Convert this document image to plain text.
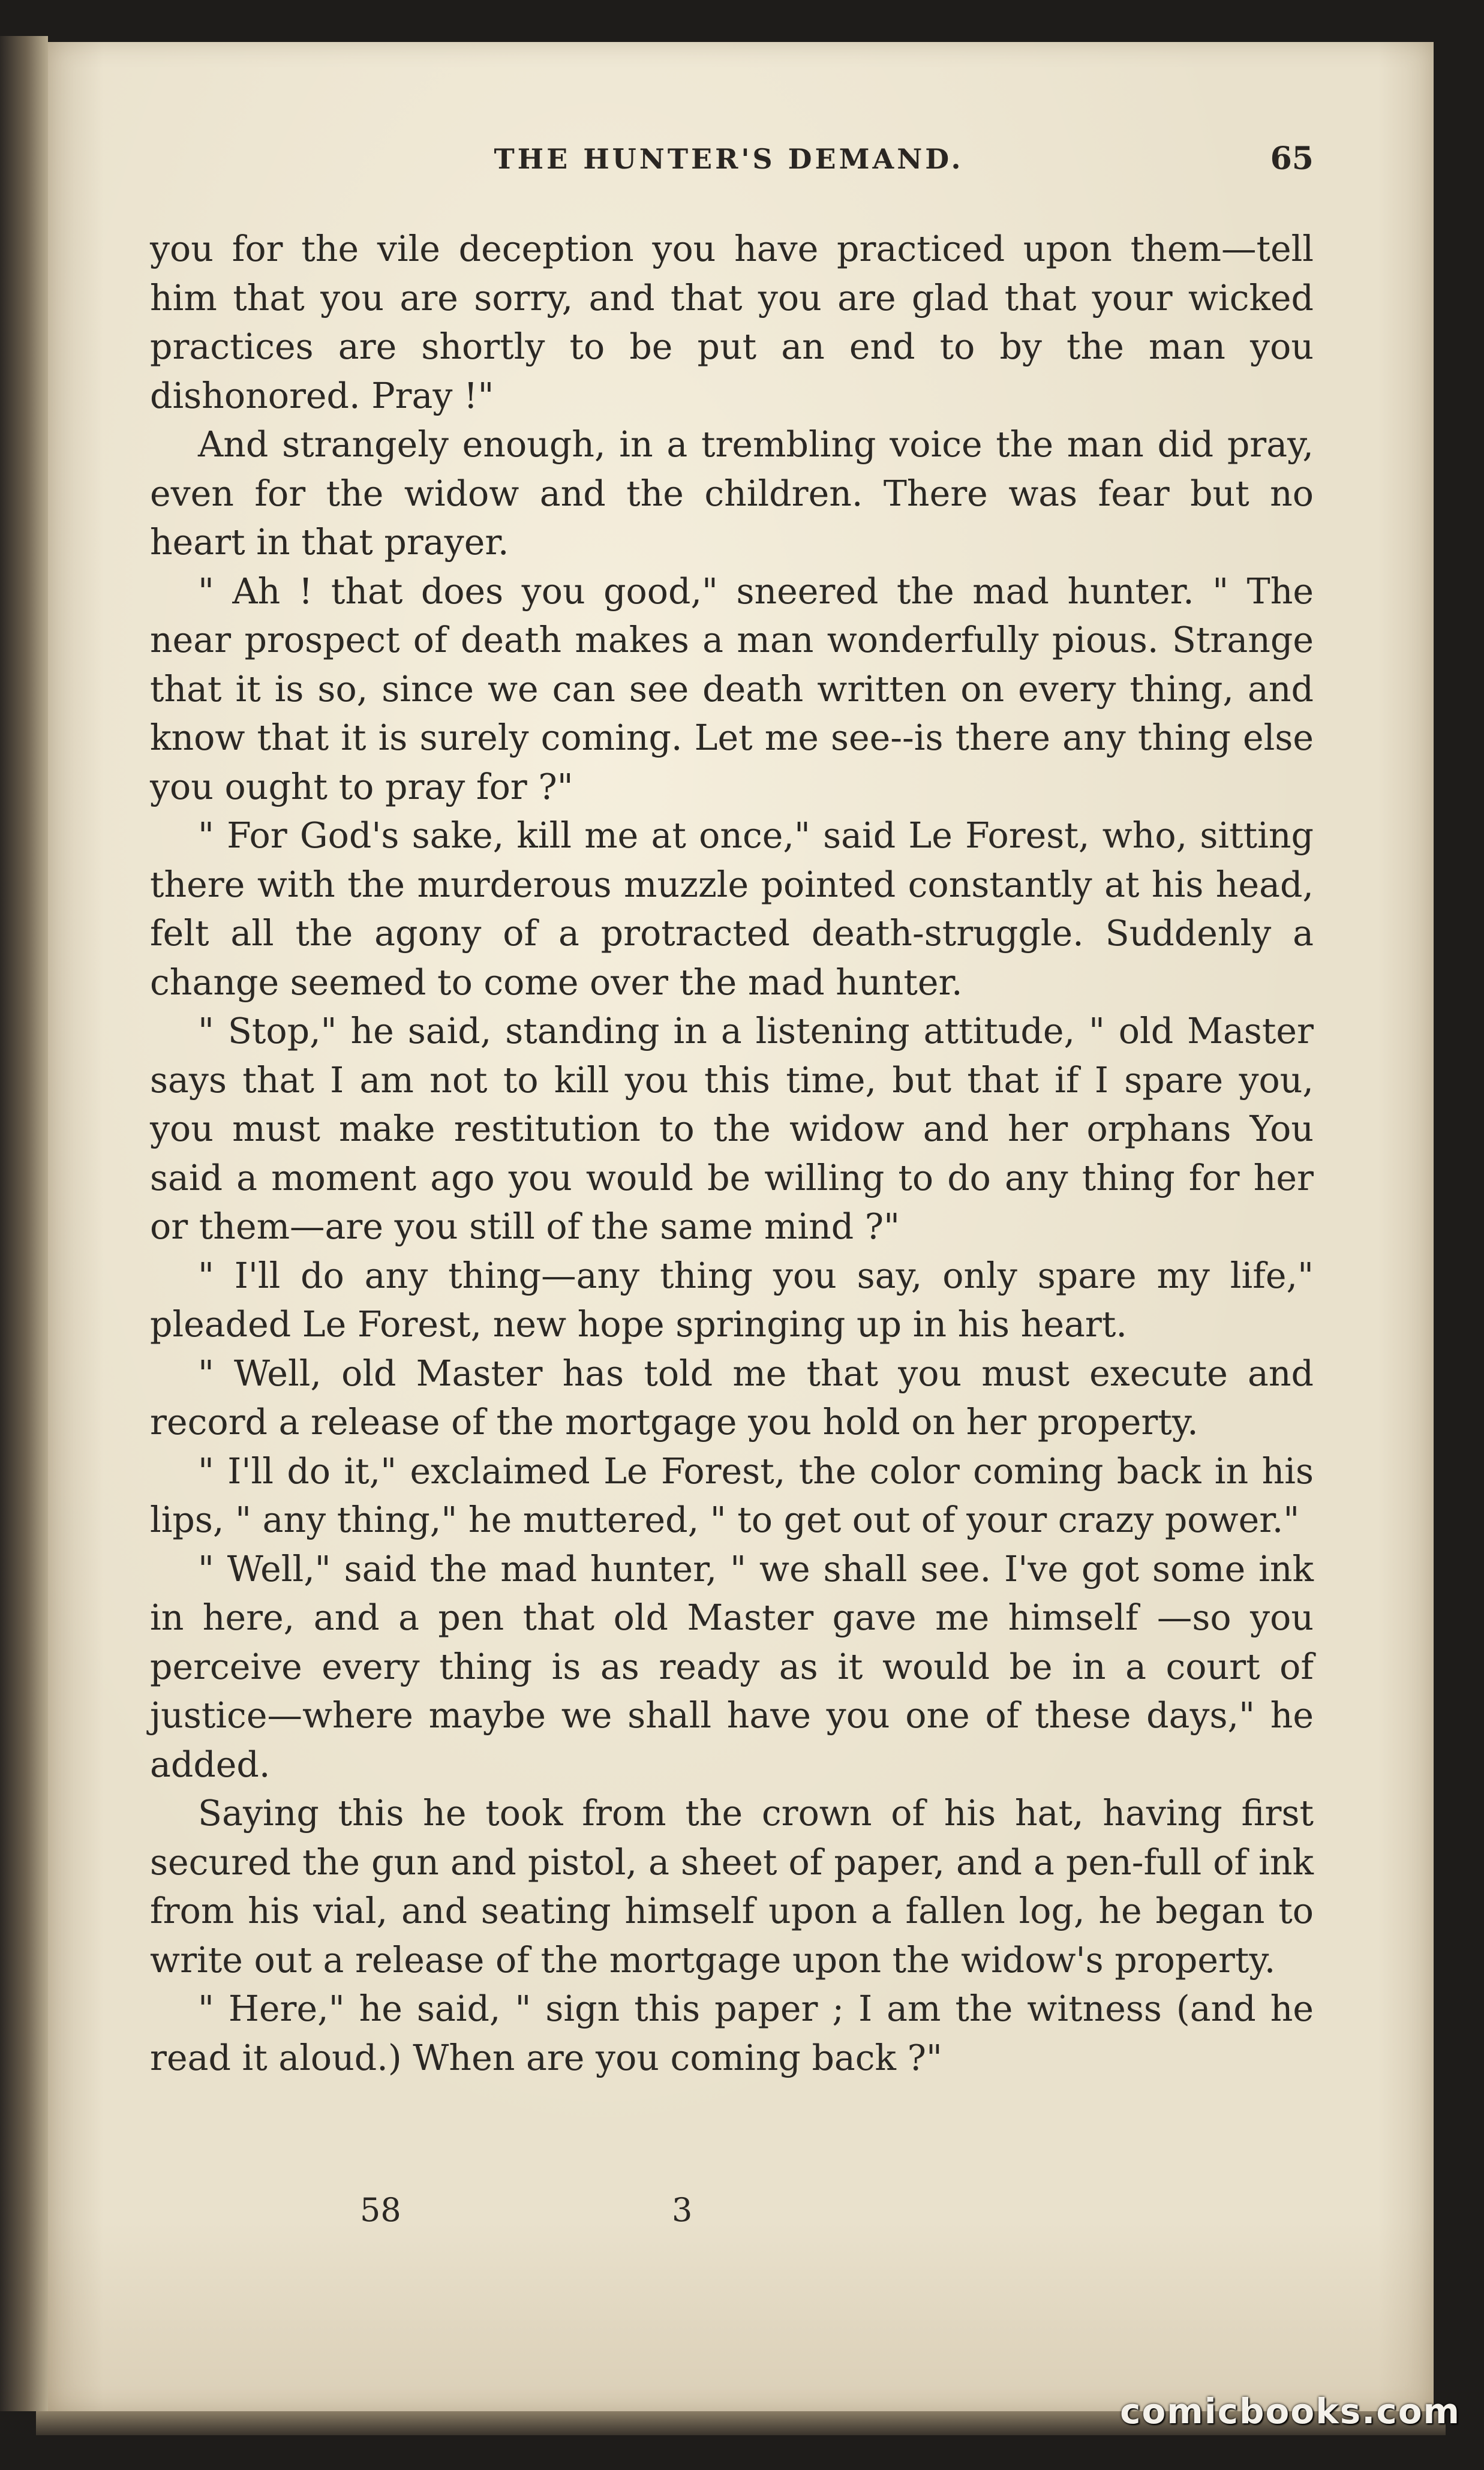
THE HUNTER'S DEMAND.	65

you for the vile deception you have practiced upon them—tell him that you are sorry, and that you are glad that your wicked practices are shortly to be put an end to by the man you dishonored. Pray !"

And strangely enough, in a trembling voice the man did pray, even for the widow and the children. There was fear but no heart in that prayer.

" Ah ! that does you good," sneered the mad hunter. " The near prospect of death makes a man wonderfully pious. Strange that it is so, since we can see death written on every thing, and know that it is surely coming. Let me see--is there any thing else you ought to pray for ?"

" For God's sake, kill me at once," said Le Forest, who, sitting there with the murderous muzzle pointed constantly at his head, felt all the agony of a protracted death-struggle. Suddenly a change seemed to come over the mad hunter.

" Stop," he said, standing in a listening attitude, " old Master says that I am not to kill you this time, but that if I spare you, you must make restitution to the widow and her orphans You said a moment ago you would be willing to do any thing for her or them—are you still of the same mind ?"

" I'll do any thing—any thing you say, only spare my life," pleaded Le Forest, new hope springing up in his heart.

" Well, old Master has told me that you must execute and record a release of the mortgage you hold on her property.

" I'll do it," exclaimed Le Forest, the color coming back in his lips, " any thing," he muttered, " to get out of your crazy power."

" Well," said the mad hunter, " we shall see. I've got some ink in here, and a pen that old Master gave me himself —so you perceive every thing is as ready as it would be in a court of justice—where maybe we shall have you one of these days," he added.

Saying this he took from the crown of his hat, having first secured the gun and pistol, a sheet of paper, and a pen-full of ink from his vial, and seating himself upon a fallen log, he began to write out a release of the mortgage upon the widow's property.

" Here," he said, " sign this paper ; I am the witness (and he read it aloud.) When are you coming back ?"

58	3
comicbooks.com
